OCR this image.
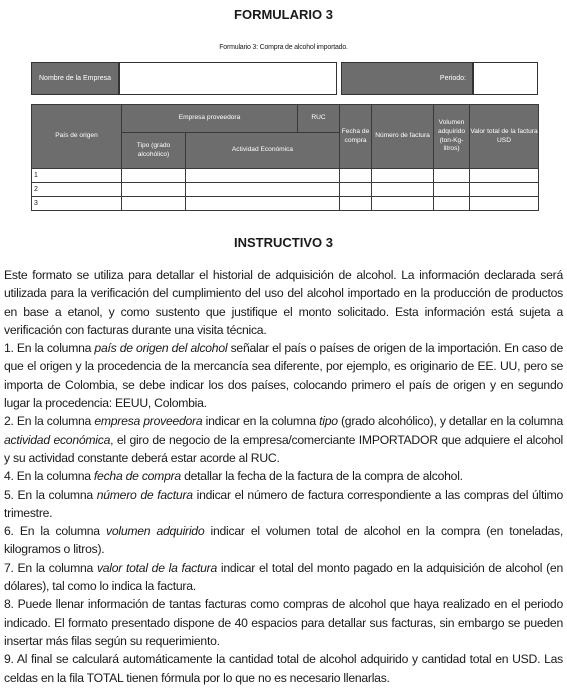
FORMULARIO 3
Formulario 3: Compra de alcohol importado.
Nombre de la Empresa	Periodo:
País de origen	Empresa proveedora		RUC	Fecha de compra	Número de factura	Volumen adquirido (ton-Kg-litros)	Valor total de la factura USD
	Tipo (grado alcohólico)	Actividad Económica					
1							
2							
3							
INSTRUCTIVO 3

Este formato se utiliza para detallar el historial de adquisición de alcohol. La información declarada será utilizada para la verificación del cumplimiento del uso del alcohol importado en la producción de productos en base a etanol, y como sustento que justifique el monto solicitado. Esta información está sujeta a verificación con facturas durante una visita técnica.

1. En la columna país de origen del alcohol señalar el país o países de origen de la importación. En caso de que el origen y la procedencia de la mercancía sea diferente, por ejemplo, es originario de EE. UU, pero se importa de Colombia, se debe indicar los dos países, colocando primero el país de origen y en segundo lugar la procedencia: EEUU, Colombia.

2. En la columna empresa proveedora indicar en la columna tipo (grado alcohólico), y detallar en la columna actividad económica, el giro de negocio de la empresa/comerciante IMPORTADOR que adquiere el alcohol y su actividad constante deberá estar acorde al RUC.

4. En la columna fecha de compra detallar la fecha de la factura de la compra de alcohol.

5. En la columna número de factura indicar el número de factura correspondiente a las compras del último trimestre.

6. En la columna volumen adquirido indicar el volumen total de alcohol en la compra (en toneladas, kilogramos o litros).

7. En la columna valor total de la factura indicar el total del monto pagado en la adquisición de alcohol (en dólares), tal como lo indica la factura.

8. Puede llenar información de tantas facturas como compras de alcohol que haya realizado en el periodo indicado. El formato presentado dispone de 40 espacios para detallar sus facturas, sin embargo se pueden insertar más filas según su requerimiento.

9. Al final se calculará automáticamente la cantidad total de alcohol adquirido y cantidad total en USD. Las celdas en la fila TOTAL tienen fórmula por lo que no es necesario llenarlas.
